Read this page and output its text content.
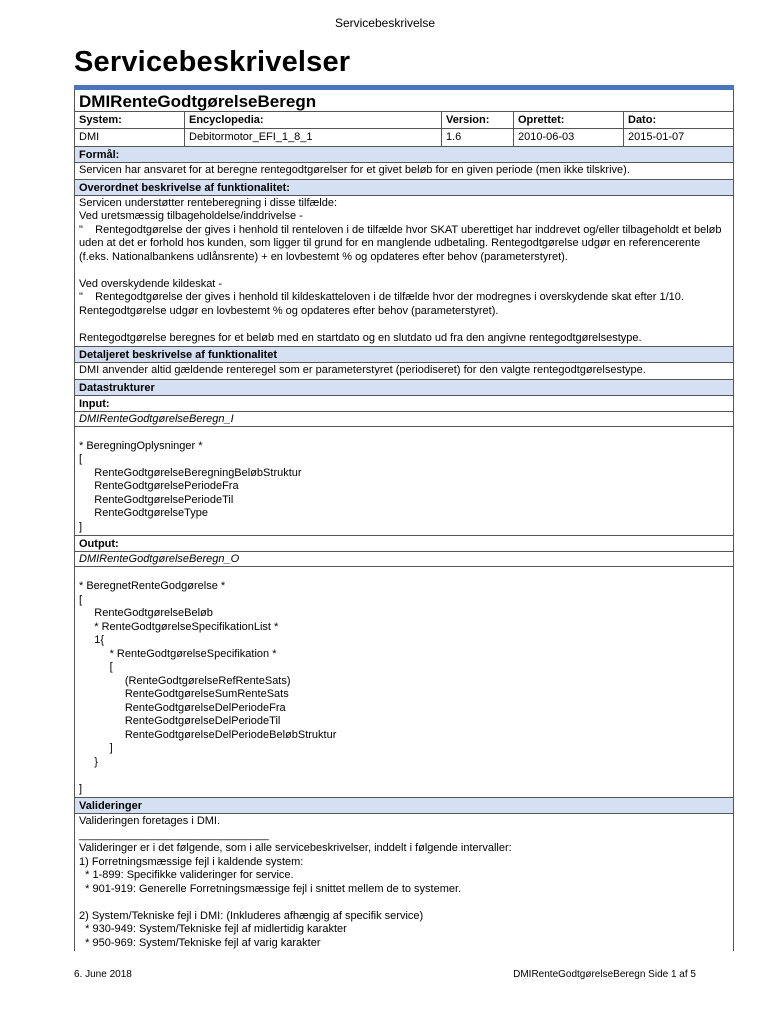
Servicebeskrivelse
Servicebeskrivelser
DMIRenteGodtgørelseBeregn
System:	Encyclopedia:	Version:	Oprettet:	Dato:
DMI	Debitormotor_EFI_1_8_1	1.6	2010-06-03	2015-01-07
Formål:
Servicen har ansvaret for at beregne rentegodtgørelser for et givet beløb for en given periode (men ikke tilskrive).
Overordnet beskrivelse af funktionalitet:
Servicen understøtter renteberegning i disse tilfælde:
Ved uretsmæssig tilbageholdelse/inddrivelse -
"    Rentegodtgørelse der gives i henhold til renteloven i de tilfælde hvor SKAT uberettiget har inddrevet og/eller tilbageholdt et beløb uden at det er forhold hos kunden, som ligger til grund for en manglende udbetaling. Rentegodtgørelse udgør en referencerente (f.eks. Nationalbankens udlånsrente) + en lovbestemt % og opdateres efter behov (parameterstyret).

Ved overskydende kildeskat -
"    Rentegodtgørelse der gives i henhold til kildeskatteloven i de tilfælde hvor der modregnes i overskydende skat efter 1/10. Rentegodtgørelse udgør en lovbestemt % og opdateres efter behov (parameterstyret).

Rentegodtgørelse beregnes for et beløb med en startdato og en slutdato ud fra den angivne rentegodtgørelsestype.
Detaljeret beskrivelse af funktionalitet
DMI anvender altid gældende renteregel som er parameterstyret (periodiseret) for den valgte rentegodtgørelsestype.
Datastrukturer
Input:
DMIRenteGodtgørelseBeregn_I
* BeregningOplysninger *
[
RenteGodtgørelseBeregningBeløbStruktur
RenteGodtgørelsePeriodeFra
RenteGodtgørelsePeriodeTil
RenteGodtgørelseType
]
Output:
DMIRenteGodtgørelseBeregn_O
* BeregnetRenteGodgørelse *
[
RenteGodtgørelseBeløb
* RenteGodtgørelseSpecifikationList *
1{
* RenteGodtgørelseSpecifikation *
[
(RenteGodtgørelseRefRenteSats)
RenteGodtgørelseSumRenteSats
RenteGodtgørelseDelPeriodeFra
RenteGodtgørelseDelPeriodeTil
RenteGodtgørelseDelPeriodeBeløbStruktur
]
}

]
Valideringer
Valideringen foretages i DMI.
_______________________________
Valideringer er i det følgende, som i alle servicebeskrivelser, inddelt i følgende intervaller:
1) Forretningsmæssige fejl i kaldende system:
* 1-899: Specifikke valideringer for service.
* 901-919: Generelle Forretningsmæssige fejl i snittet mellem de to systemer.

2) System/Tekniske fejl i DMI: (Inkluderes afhængig af specifik service)
* 930-949: System/Tekniske fejl af midlertidig karakter
* 950-969: System/Tekniske fejl af varig karakter
6. June 2018	DMIRenteGodtgørelseBeregn Side 1 af 5
